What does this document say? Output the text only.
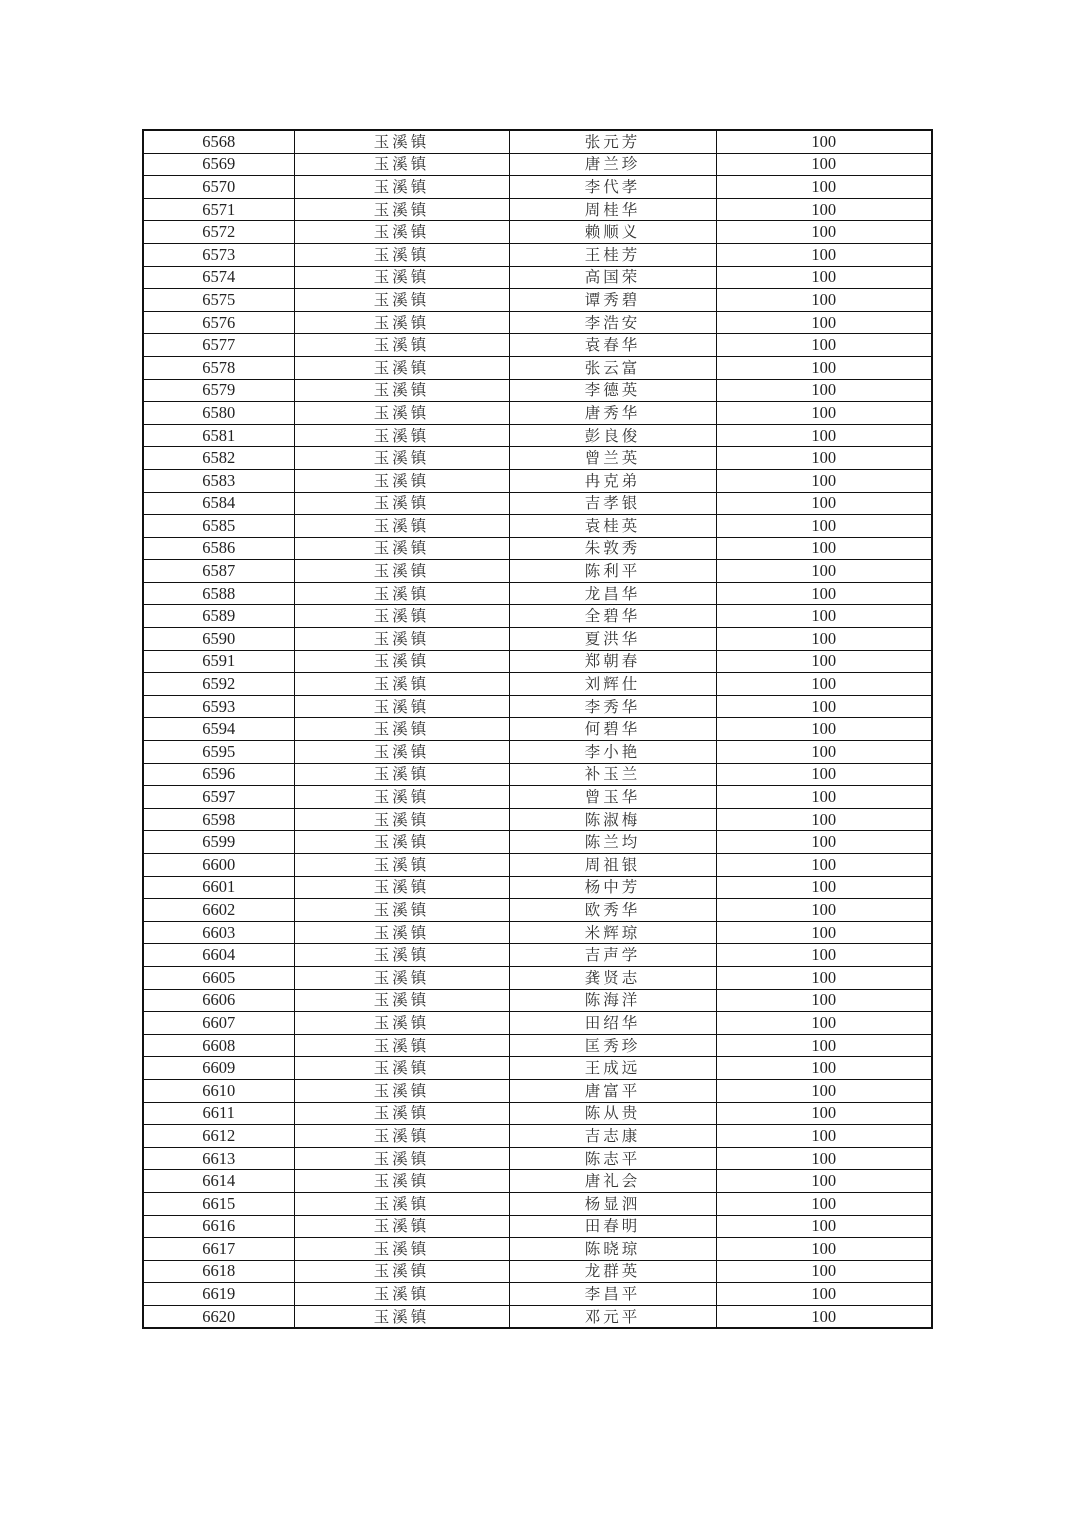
6568	玉溪镇	张元芳	100
6569	玉溪镇	唐兰珍	100
6570	玉溪镇	李代孝	100
6571	玉溪镇	周桂华	100
6572	玉溪镇	赖顺义	100
6573	玉溪镇	王桂芳	100
6574	玉溪镇	高国荣	100
6575	玉溪镇	谭秀碧	100
6576	玉溪镇	李浩安	100
6577	玉溪镇	袁春华	100
6578	玉溪镇	张云富	100
6579	玉溪镇	李德英	100
6580	玉溪镇	唐秀华	100
6581	玉溪镇	彭良俊	100
6582	玉溪镇	曾兰英	100
6583	玉溪镇	冉克弟	100
6584	玉溪镇	吉孝银	100
6585	玉溪镇	袁桂英	100
6586	玉溪镇	朱敦秀	100
6587	玉溪镇	陈利平	100
6588	玉溪镇	龙昌华	100
6589	玉溪镇	全碧华	100
6590	玉溪镇	夏洪华	100
6591	玉溪镇	郑朝春	100
6592	玉溪镇	刘辉仕	100
6593	玉溪镇	李秀华	100
6594	玉溪镇	何碧华	100
6595	玉溪镇	李小艳	100
6596	玉溪镇	补玉兰	100
6597	玉溪镇	曾玉华	100
6598	玉溪镇	陈淑梅	100
6599	玉溪镇	陈兰均	100
6600	玉溪镇	周祖银	100
6601	玉溪镇	杨中芳	100
6602	玉溪镇	欧秀华	100
6603	玉溪镇	米辉琼	100
6604	玉溪镇	吉声学	100
6605	玉溪镇	龚贤志	100
6606	玉溪镇	陈海洋	100
6607	玉溪镇	田绍华	100
6608	玉溪镇	匡秀珍	100
6609	玉溪镇	王成远	100
6610	玉溪镇	唐富平	100
6611	玉溪镇	陈从贵	100
6612	玉溪镇	吉志康	100
6613	玉溪镇	陈志平	100
6614	玉溪镇	唐礼会	100
6615	玉溪镇	杨显泗	100
6616	玉溪镇	田春明	100
6617	玉溪镇	陈晓琼	100
6618	玉溪镇	龙群英	100
6619	玉溪镇	李昌平	100
6620	玉溪镇	邓元平	100
